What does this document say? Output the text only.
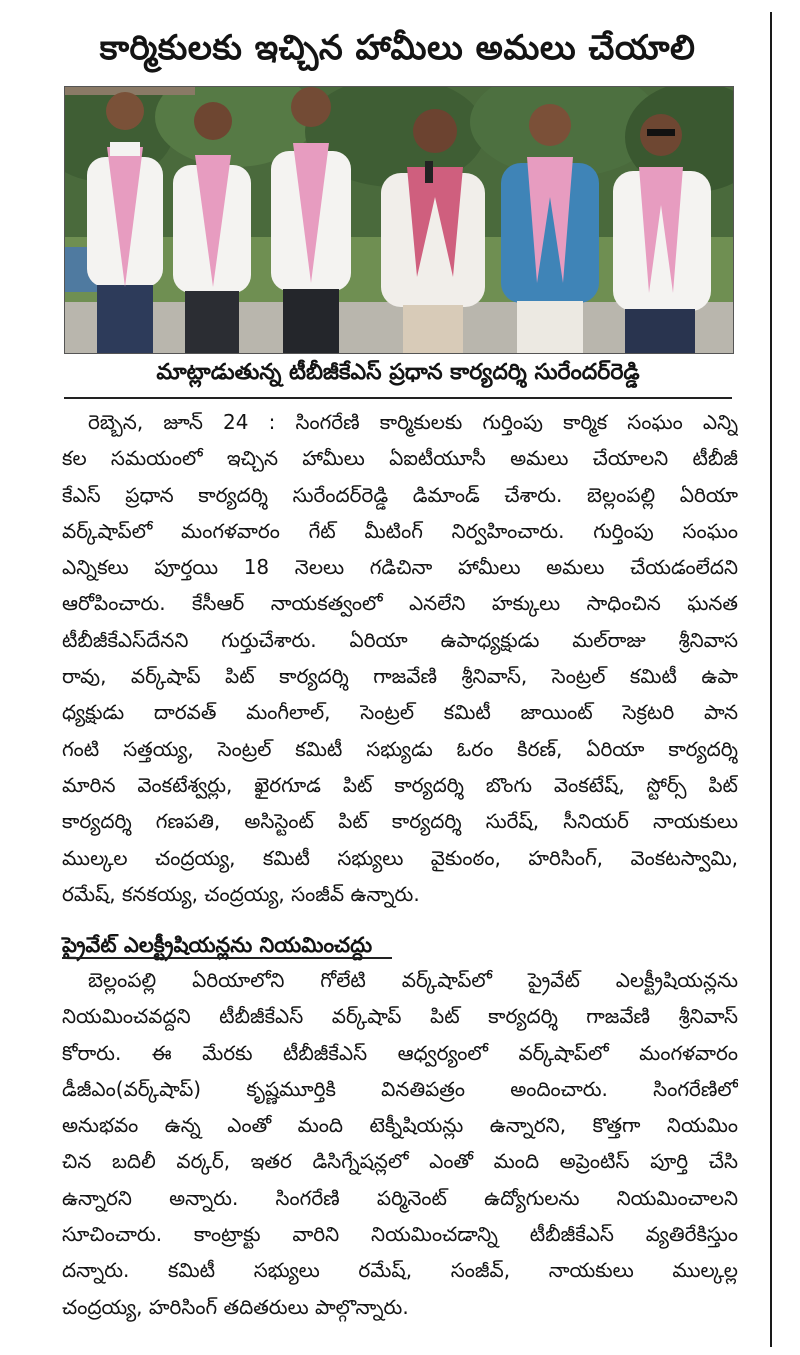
కార్మికులకు ఇచ్చిన హామీలు అమలు చేయాలి
మాట్లాడుతున్న టీబీజీకేఎస్ ప్రధాన కార్యదర్శి సురేందర్‌రెడ్డి
రెబ్బెన, జూన్ 24 : సింగరేణి కార్మికులకు గుర్తింపు కార్మిక సంఘం ఎన్ని
కల సమయంలో ఇచ్చిన హామీలు ఏఐటీయూసీ అమలు చేయాలని టీబీజీ
కేఎస్ ప్రధాన కార్యదర్శి సురేందర్‌రెడ్డి డిమాండ్ చేశారు. బెల్లంపల్లి ఏరియా
వర్క్‌షాప్‌లో మంగళవారం గేట్ మీటింగ్ నిర్వహించారు. గుర్తింపు సంఘం
ఎన్నికలు పూర్తయి 18 నెలలు గడిచినా హామీలు అమలు చేయడంలేదని
ఆరోపించారు. కేసీఆర్ నాయకత్వంలో ఎనలేని హక్కులు సాధించిన ఘనత
టీబీజీకేఎస్‌దేనని గుర్తుచేశారు. ఏరియా ఉపాధ్యక్షుడు మల్‌రాజు శ్రీనివాస
రావు, వర్క్‌షాప్ పిట్ కార్యదర్శి గాజవేణి శ్రీనివాస్, సెంట్రల్ కమిటీ ఉపా
ధ్యక్షుడు దారవత్ మంగీలాల్, సెంట్రల్ కమిటీ జాయింట్ సెక్రటరి పాన
గంటి సత్తయ్య, సెంట్రల్ కమిటీ సభ్యుడు ఓరం కిరణ్, ఏరియా కార్యదర్శి
మారిన వెంకటేశ్వర్లు, ఖైరగూడ పిట్ కార్యదర్శి బొంగు వెంకటేష్, స్టోర్స్ పిట్
కార్యదర్శి గణపతి, అసిస్టెంట్ పిట్ కార్యదర్శి సురేష్, సీనియర్ నాయకులు
ముల్కల చంద్రయ్య, కమిటీ సభ్యులు వైకుంఠం, హరిసింగ్, వెంకటస్వామి,
రమేష్, కనకయ్య, చంద్రయ్య, సంజీవ్ ఉన్నారు.
ప్రైవేట్ ఎలక్ట్రీషియన్లను నియమించద్దు
బెల్లంపల్లి ఏరియాలోని గోలేటి వర్క్‌షాప్‌లో ప్రైవేట్ ఎలక్ట్రీషియన్లను
నియమించవద్దని టీబీజీకేఎస్ వర్క్‌షాప్ పిట్ కార్యదర్శి గాజవేణి శ్రీనివాస్
కోరారు. ఈ మేరకు టీబీజీకేఎస్ ఆధ్వర్యంలో వర్క్‌షాప్‌లో మంగళవారం
డీజీఎం(వర్క్‌షాప్) కృష్ణమూర్తికి వినతిపత్రం అందించారు. సింగరేణిలో
అనుభవం ఉన్న ఎంతో మంది టెక్నీషియన్లు ఉన్నారని, కొత్తగా నియమిం
చిన బదిలీ వర్కర్, ఇతర డిసిగ్నేషన్లలో ఎంతో మంది అప్రెంటిస్ పూర్తి చేసి
ఉన్నారని అన్నారు. సింగరేణి పర్మినెంట్ ఉద్యోగులను నియమించాలని
సూచించారు. కాంట్రాక్టు వారిని నియమించడాన్ని టీబీజీకేఎస్ వ్యతిరేకిస్తుం
దన్నారు. కమిటీ సభ్యులు రమేష్, సంజీవ్, నాయకులు ముల్కల్ల
చంద్రయ్య, హరిసింగ్ తదితరులు పాల్గొన్నారు.
